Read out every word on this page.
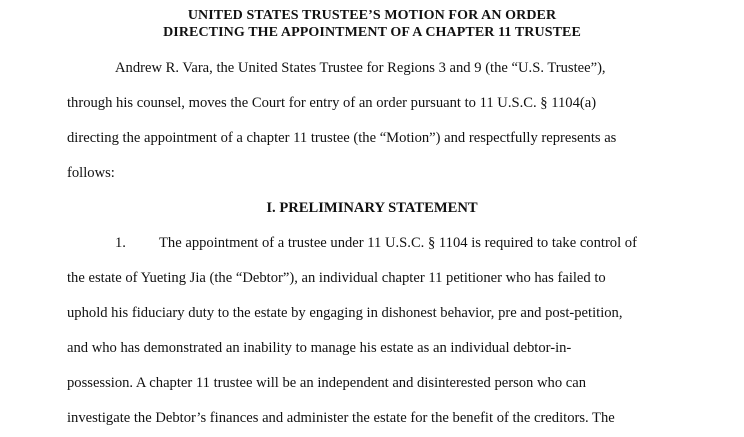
UNITED STATES TRUSTEE’S MOTION FOR AN ORDER
DIRECTING THE APPOINTMENT OF A CHAPTER 11 TRUSTEE
Andrew R. Vara, the United States Trustee for Regions 3 and 9 (the “U.S. Trustee”),
through his counsel, moves the Court for entry of an order pursuant to 11 U.S.C. § 1104(a)
directing the appointment of a chapter 11 trustee (the “Motion”) and respectfully represents as
follows:
I. PRELIMINARY STATEMENT
1. The appointment of a trustee under 11 U.S.C. § 1104 is required to take control of
the estate of Yueting Jia (the “Debtor”), an individual chapter 11 petitioner who has failed to
uphold his fiduciary duty to the estate by engaging in dishonest behavior, pre and post-petition,
and who has demonstrated an inability to manage his estate as an individual debtor-in-
possession. A chapter 11 trustee will be an independent and disinterested person who can
investigate the Debtor’s finances and administer the estate for the benefit of the creditors. The
